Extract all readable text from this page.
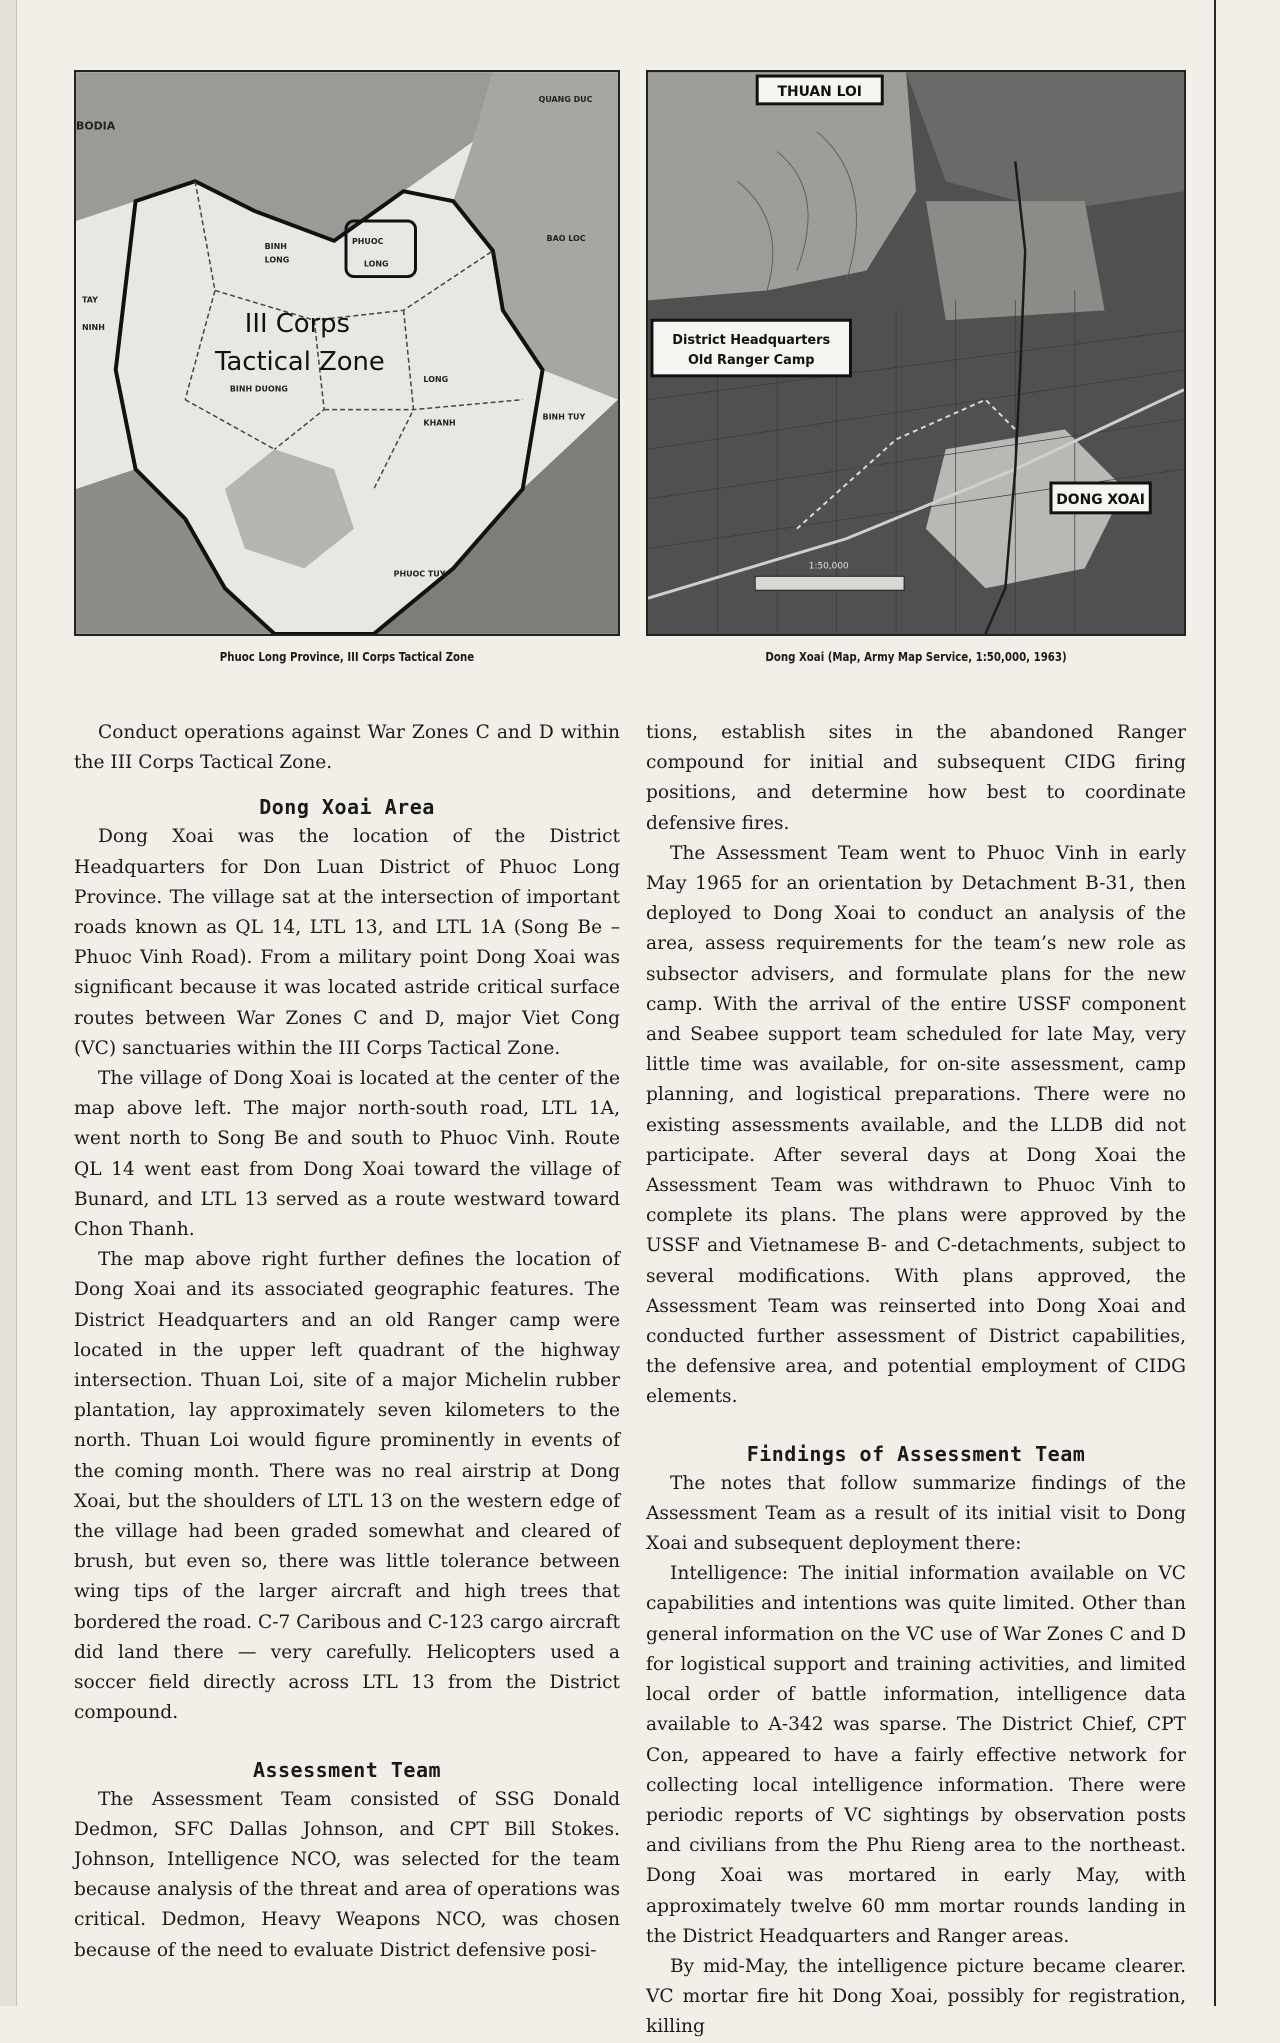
BODIA
PHUOC
LONG
BINH
LONG
QUANG DUC
BAO LOC
TAY
NINH
BINH DUONG
LONG
KHANH
BINH TUY
PHUOC TUY
III Corps
Tactical Zone
Phuoc Long Province, III Corps Tactical Zone
1:50,000
THUAN LOI
District Headquarters
Old Ranger Camp
DONG XOAI
Dong Xoai (Map, Army Map Service, 1:50,000, 1963)

Conduct operations against War Zones C and D within the III Corps Tactical Zone.

Dong Xoai Area

Dong Xoai was the location of the District Headquarters for Don Luan District of Phuoc Long Province. The village sat at the intersection of important roads known as QL 14, LTL 13, and LTL 1A (Song Be – Phuoc Vinh Road). From a military point Dong Xoai was significant because it was located astride critical surface routes between War Zones C and D, major Viet Cong (VC) sanctuaries within the III Corps Tactical Zone.

The village of Dong Xoai is located at the center of the map above left. The major north-south road, LTL 1A, went north to Song Be and south to Phuoc Vinh. Route QL 14 went east from Dong Xoai toward the village of Bunard, and LTL 13 served as a route westward toward Chon Thanh.

The map above right further defines the location of Dong Xoai and its associated geographic features. The District Headquarters and an old Ranger camp were located in the upper left quadrant of the highway intersection. Thuan Loi, site of a major Michelin rubber plantation, lay approximately seven kilometers to the north. Thuan Loi would figure prominently in events of the coming month. There was no real airstrip at Dong Xoai, but the shoulders of LTL 13 on the western edge of the village had been graded somewhat and cleared of brush, but even so, there was little tolerance between wing tips of the larger aircraft and high trees that bordered the road. C-7 Caribous and C-123 cargo aircraft did land there — very carefully. Helicopters used a soccer field directly across LTL 13 from the District compound.

Assessment Team

The Assessment Team consisted of SSG Donald Dedmon, SFC Dallas Johnson, and CPT Bill Stokes. Johnson, Intelligence NCO, was selected for the team because analysis of the threat and area of operations was critical. Dedmon, Heavy Weapons NCO, was chosen because of the need to evaluate District defensive posi-

tions, establish sites in the abandoned Ranger compound for initial and subsequent CIDG firing positions, and determine how best to coordinate defensive fires.

The Assessment Team went to Phuoc Vinh in early May 1965 for an orientation by Detachment B-31, then deployed to Dong Xoai to conduct an analysis of the area, assess requirements for the team’s new role as subsector advisers, and formulate plans for the new camp. With the arrival of the entire USSF component and Seabee support team scheduled for late May, very little time was available, for on-site assessment, camp planning, and logistical preparations. There were no existing assessments available, and the LLDB did not participate. After several days at Dong Xoai the Assessment Team was withdrawn to Phuoc Vinh to complete its plans. The plans were approved by the USSF and Vietnamese B- and C-detachments, subject to several modifications. With plans approved, the Assessment Team was reinserted into Dong Xoai and conducted further assessment of District capabilities, the defensive area, and potential employment of CIDG elements.

Findings of Assessment Team

The notes that follow summarize findings of the Assessment Team as a result of its initial visit to Dong Xoai and subsequent deployment there:

Intelligence: The initial information available on VC capabilities and intentions was quite limited. Other than general information on the VC use of War Zones C and D for logistical support and training activities, and limited local order of battle information, intelligence data available to A-342 was sparse. The District Chief, CPT Con, appeared to have a fairly effective network for collecting local intelligence information. There were periodic reports of VC sightings by observation posts and civilians from the Phu Rieng area to the northeast. Dong Xoai was mortared in early May, with approximately twelve 60 mm mortar rounds landing in the District Headquarters and Ranger areas.

By mid-May, the intelligence picture became clearer. VC mortar fire hit Dong Xoai, possibly for registration, killing
